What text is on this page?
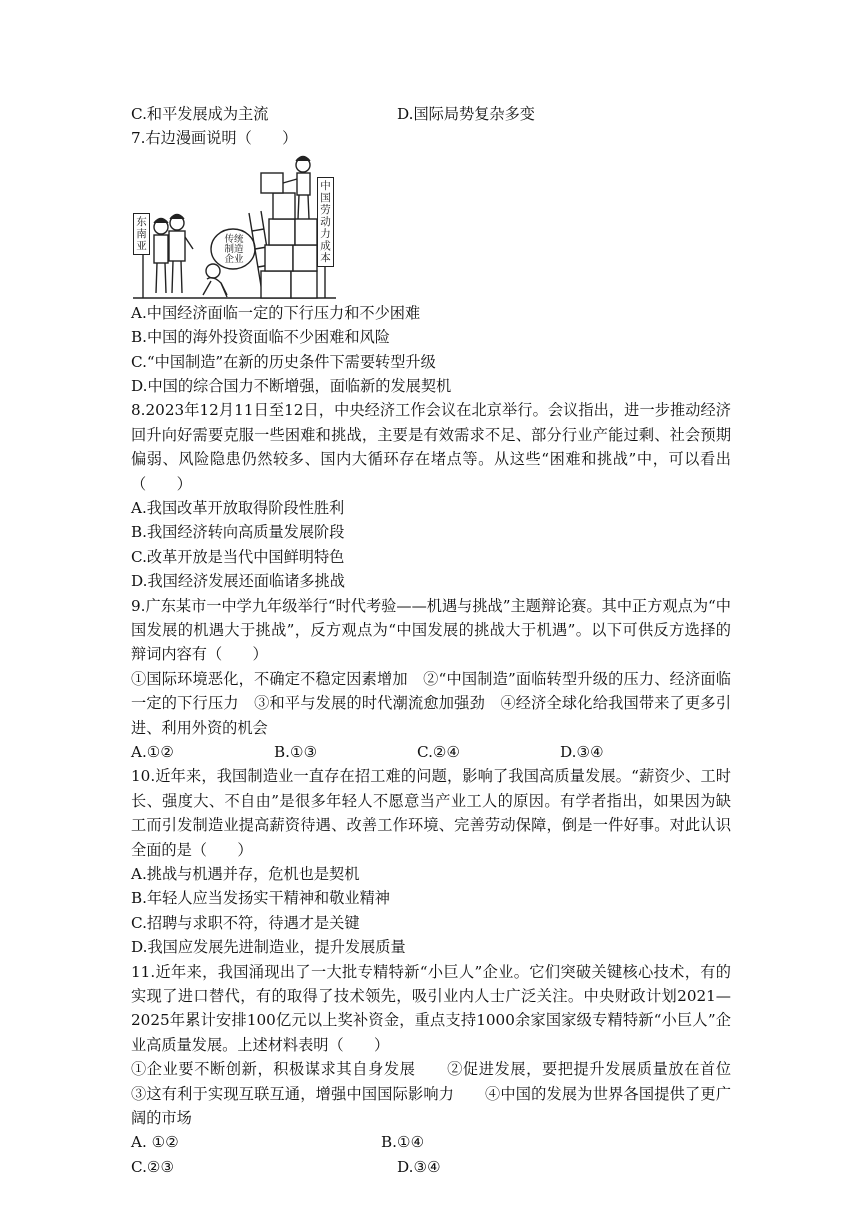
C.和平发展成为主流	D.国际局势复杂多变
7.右边漫画说明（　　）
东南亚
中国劳动力成本
传统制造企业
A.中国经济面临一定的下行压力和不少困难
B.中国的海外投资面临不少困难和风险
C.“中国制造”在新的历史条件下需要转型升级
D.中国的综合国力不断增强，面临新的发展契机
8.2023年12月11日至12日，中央经济工作会议在北京举行。会议指出，进一步推动经济回升向好需要克服一些困难和挑战，主要是有效需求不足、部分行业产能过剩、社会预期偏弱、风险隐患仍然较多、国内大循环存在堵点等。从这些“困难和挑战”中，可以看出（　　）
A.我国改革开放取得阶段性胜利
B.我国经济转向高质量发展阶段
C.改革开放是当代中国鲜明特色
D.我国经济发展还面临诸多挑战
9.广东某市一中学九年级举行“时代考验——机遇与挑战”主题辩论赛。其中正方观点为“中国发展的机遇大于挑战”，反方观点为“中国发展的挑战大于机遇”。以下可供反方选择的辩词内容有（　　）
①国际环境恶化，不确定不稳定因素增加　②“中国制造”面临转型升级的压力、经济面临一定的下行压力　③和平与发展的时代潮流愈加强劲　④经济全球化给我国带来了更多引进、利用外资的机会
A.①②	B.①③	C.②④	D.③④
10.近年来，我国制造业一直存在招工难的问题，影响了我国高质量发展。“薪资少、工时长、强度大、不自由”是很多年轻人不愿意当产业工人的原因。有学者指出，如果因为缺工而引发制造业提高薪资待遇、改善工作环境、完善劳动保障，倒是一件好事。对此认识全面的是（　　）
A.挑战与机遇并存，危机也是契机
B.年轻人应当发扬实干精神和敬业精神
C.招聘与求职不符，待遇才是关键
D.我国应发展先进制造业，提升发展质量
11.近年来，我国涌现出了一大批专精特新“小巨人”企业。它们突破关键核心技术，有的实现了进口替代，有的取得了技术领先，吸引业内人士广泛关注。中央财政计划2021—2025年累计安排100亿元以上奖补资金，重点支持1000余家国家级专精特新“小巨人”企业高质量发展。上述材料表明（　　）
①企业要不断创新，积极谋求其自身发展　　②促进发展，要把提升发展质量放在首位　　③这有利于实现互联互通，增强中国国际影响力　　④中国的发展为世界各国提供了更广阔的市场
A. ①②	B.①④
C.②③	D.③④
